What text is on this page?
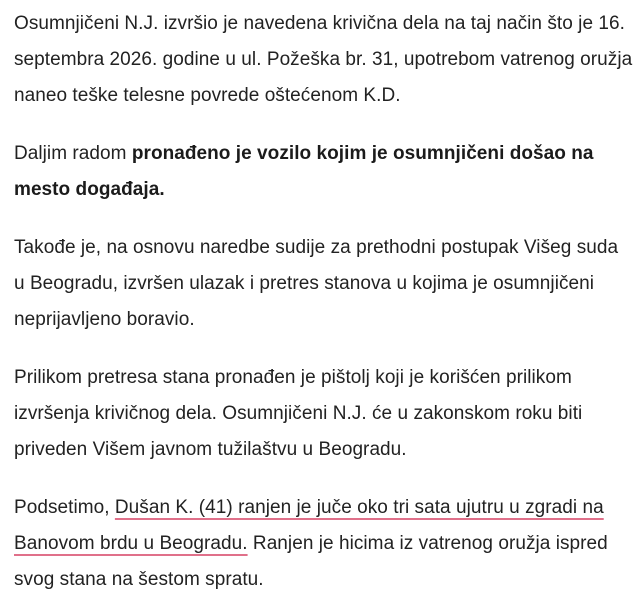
Osumnjičeni N.J. izvršio je navedena krivična dela na taj način što je 16. septembra 2026. godine u ul. Požeška br. 31, upotrebom vatrenog oružja naneo teške telesne povrede oštećenom K.D.

Daljim radom pronađeno je vozilo kojim je osumnjičeni došao na mesto događaja.

Takođe je, na osnovu naredbe sudije za prethodni postupak Višeg suda u Beogradu, izvršen ulazak i pretres stanova u kojima je osumnjičeni neprijavljeno boravio.

Prilikom pretresa stana pronađen je pištolj koji je korišćen prilikom izvršenja krivičnog dela. Osumnjičeni N.J. će u zakonskom roku biti priveden Višem javnom tužilaštvu u Beogradu.

Podsetimo, Dušan K. (41) ranjen je juče oko tri sata ujutru u zgradi na Banovom brdu u Beogradu. Ranjen je hicima iz vatrenog oružja ispred svog stana na šestom spratu.
